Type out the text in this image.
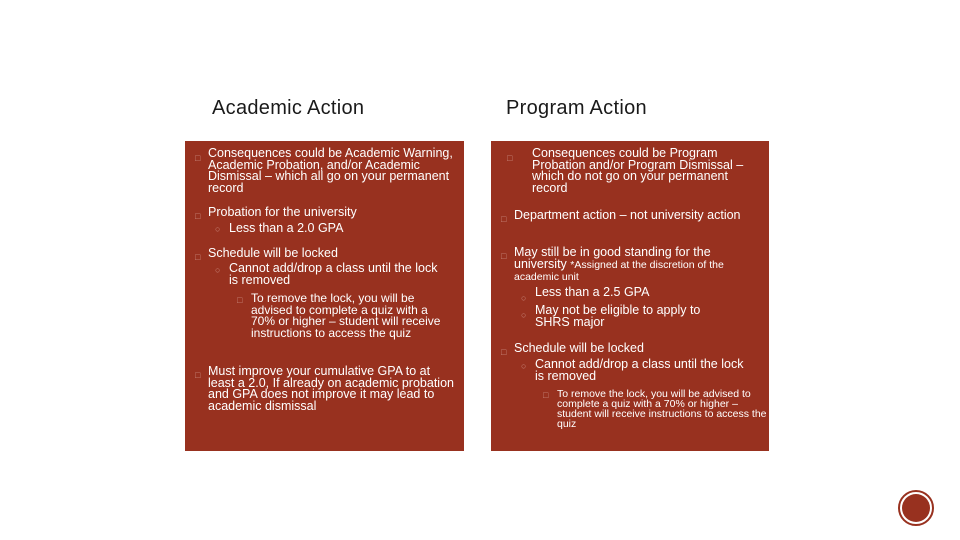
Academic Action	Program Action
□ Consequences could be Academic Warning, Academic Probation, and/or Academic Dismissal – which all go on your permanent record
□ Probation for the university
○ Less than a 2.0 GPA
□ Schedule will be locked
○ Cannot add/drop a class until the lock is removed
□ To remove the lock, you will be advised to complete a quiz with a 70% or higher – student will receive instructions to access the quiz
□ Must improve your cumulative GPA to at least a 2.0, If already on academic probation and GPA does not improve it may lead to academic dismissal
□ Consequences could be Program Probation and/or Program Dismissal – which do not go on your permanent record
□ Department action – not university action
□ May still be in good standing for the university *Assigned at the discretion of the academic unit
○ Less than a 2.5 GPA
○ May not be eligible to apply to SHRS major
□ Schedule will be locked
○ Cannot add/drop a class until the lock is removed
□ To remove the lock, you will be advised to complete a quiz with a 70% or higher – student will receive instructions to access the quiz
